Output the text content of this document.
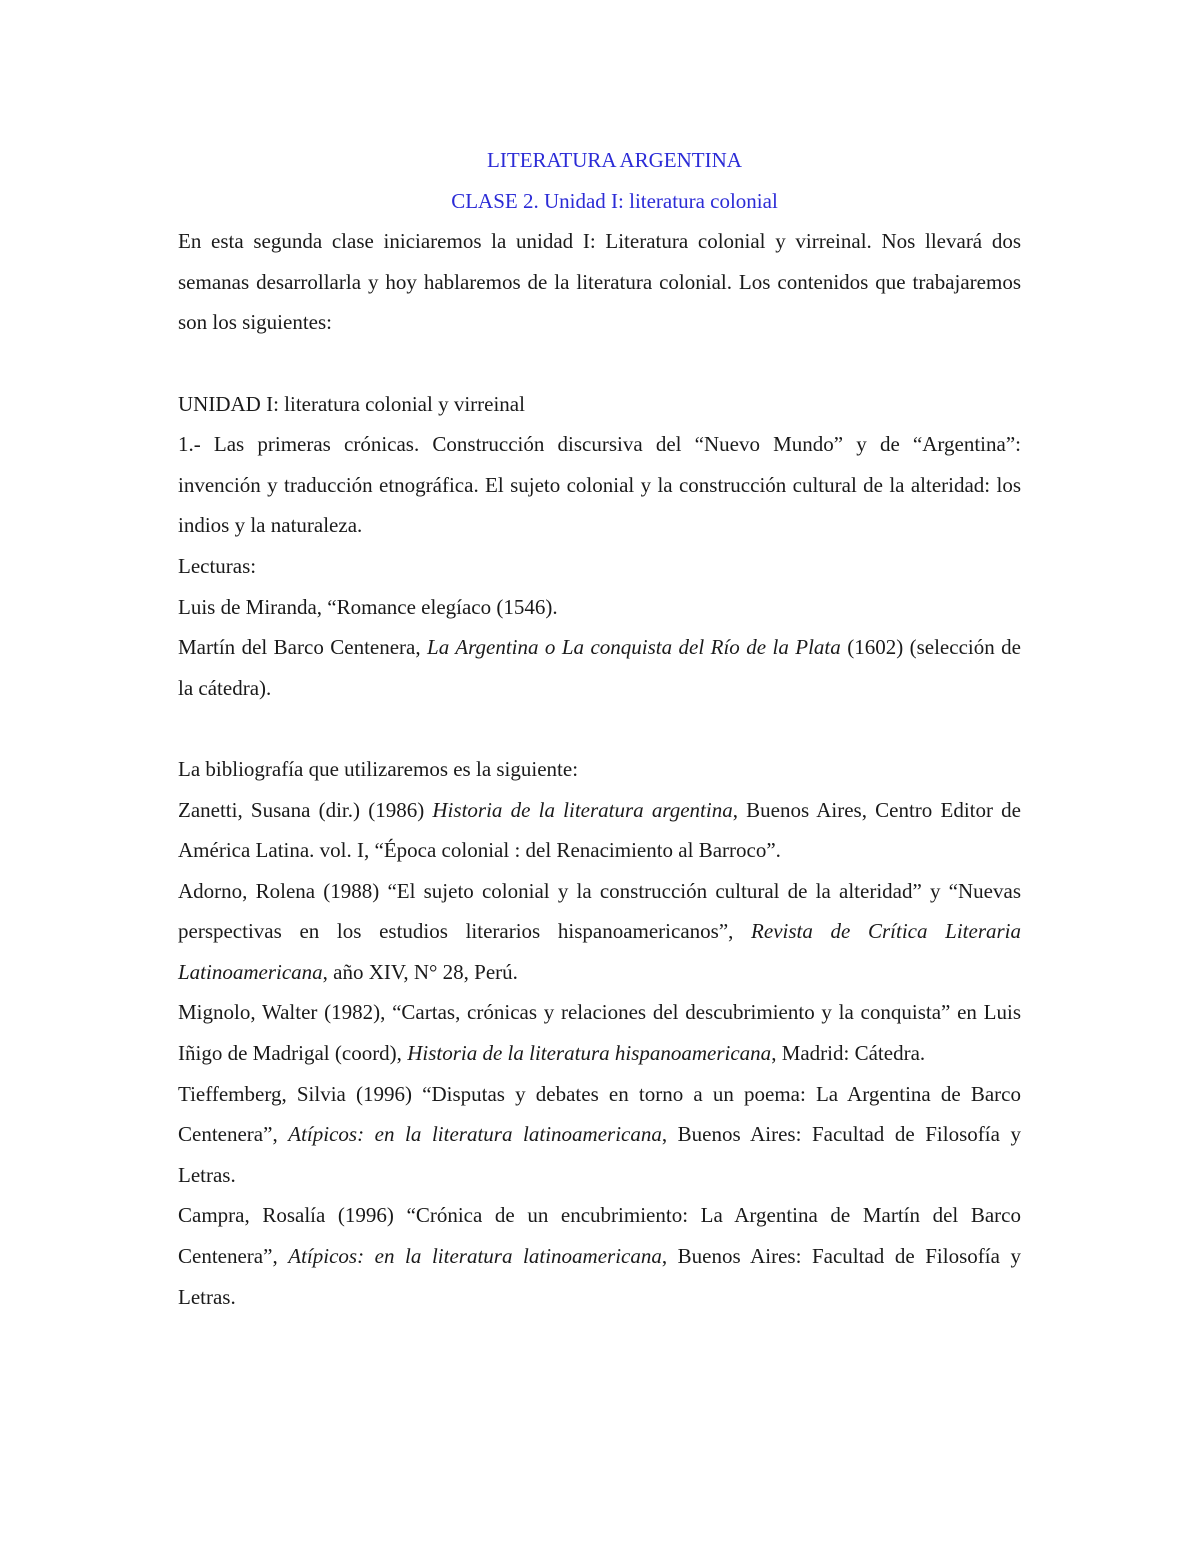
LITERATURA ARGENTINA

CLASE 2. Unidad I: literatura colonial

En esta segunda clase iniciaremos la unidad I: Literatura colonial y virreinal. Nos llevará dos semanas desarrollarla y hoy hablaremos de la literatura colonial. Los contenidos que trabajaremos son los siguientes:

UNIDAD I: literatura colonial y virreinal

1.- Las primeras crónicas. Construcción discursiva del “Nuevo Mundo” y de “Argentina”: invención y traducción etnográfica. El sujeto colonial y la construcción cultural de la alteridad: los indios y la naturaleza.

Lecturas:

Luis de Miranda, “Romance elegíaco (1546).

Martín del Barco Centenera, La Argentina o La conquista del Río de la Plata (1602) (selección de la cátedra).

La bibliografía que utilizaremos es la siguiente:

Zanetti, Susana (dir.) (1986) Historia de la literatura argentina, Buenos Aires, Centro Editor de América Latina. vol. I, “Época colonial : del Renacimiento al Barroco”.

Adorno, Rolena (1988) “El sujeto colonial y la construcción cultural de la alteridad” y “Nuevas perspectivas en los estudios literarios hispanoamericanos”, Revista de Crítica Literaria Latinoamericana, año XIV, N° 28, Perú.

Mignolo, Walter (1982), “Cartas, crónicas y relaciones del descubrimiento y la conquista” en Luis Iñigo de Madrigal (coord), Historia de la literatura hispanoamericana, Madrid: Cátedra.

Tieffemberg, Silvia (1996) “Disputas y debates en torno a un poema: La Argentina de Barco Centenera”, Atípicos: en la literatura latinoamericana, Buenos Aires: Facultad de Filosofía y Letras.

Campra, Rosalía (1996) “Crónica de un encubrimiento: La Argentina de Martín del Barco Centenera”, Atípicos: en la literatura latinoamericana, Buenos Aires: Facultad de Filosofía y Letras.
